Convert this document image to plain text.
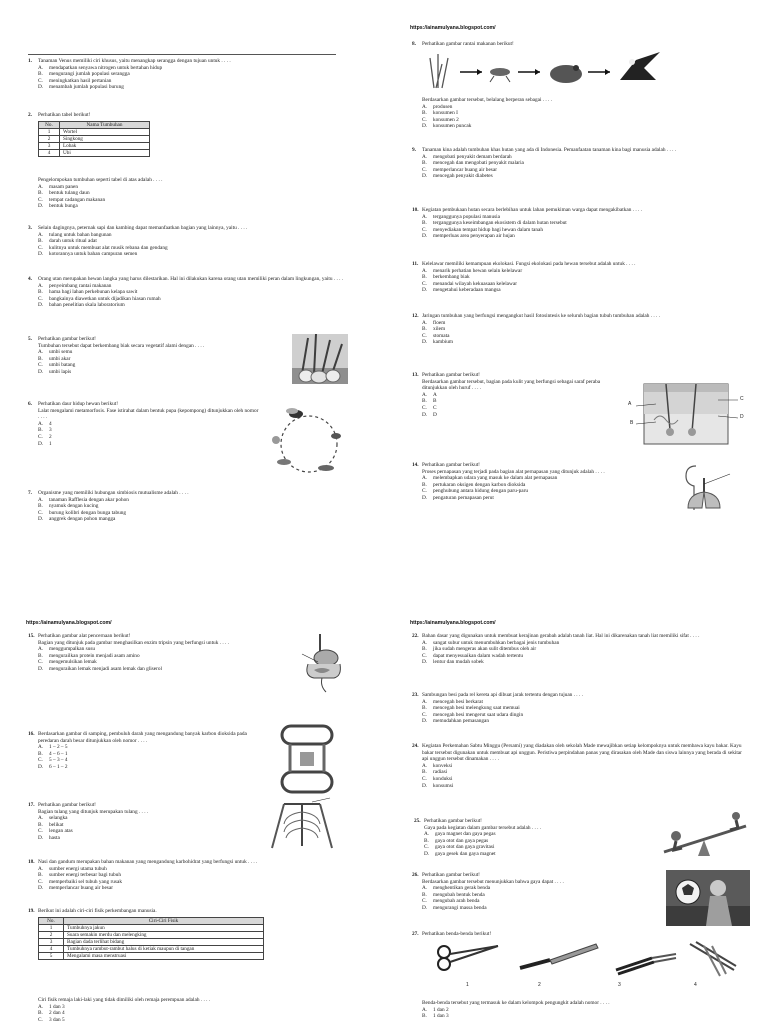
1. Tanaman Venus memiliki ciri khusus, yaitu menangkap serangga dengan tujuan untuk . . . .
A. mendapatkan senyawa nitrogen untuk bertahan hidup
B. mengurangi jumlah populasi serangga
C. meningkatkan hasil pertanian
D. menambah jumlah populasi burung
2. Perhatikan tabel berikut!
No.	Nama Tumbuhan
1	Wortel
2	Singkong
3	Lobak
4	Ubi
Pengelompokan tumbuhan seperti tabel di atas adalah . . . .
A. masam panen
B. bentuk tulang daun
C. tempat cadangan makanan
D. bentuk bunga
3. Selain dagingnya, peternak sapi dan kambing dapat memanfaatkan bagian yang lainnya, yaitu . . . .
A. tulang untuk bahan bangunan
B. darah untuk ritual adat
C. kulitnya untuk membuat alat musik rebana dan gendang
D. kotorannya untuk bahan campuran semen
4.	Orang utan merupakan hewan langka yang harus dilestarikan. Hal ini dilakukan karena orang utan memiliki peran dalam lingkungan, yaitu . . . .
A. penyeimbang rantai makanan
B. hama bagi lahan perkebunan kelapa sawit
C. bangkainya diawetkan untuk dijadikan hiasan rumah
D. bahan penelitian skala laboratorium
5. Perhatikan gambar berikut!
Tumbuhan tersebut dapat berkembang biak secara vegetatif alami dengan . . . .
A. umbi semu
B. umbi akar
C. umbi batang
D. umbi lapis
6. Perhatikan daur hidup hewan berikut!
Lalat mengalami metamorfosis. Fase istirahat dalam bentuk pupa (kepompong) ditunjukkan oleh nomor . . . .
A. 4
B. 3
C. 2
D. 1
7. Organisme yang memiliki hubungan simbiosis mutualisme adalah . . . .
A. tanaman Rafflesia dengan akar pohon
B. nyamuk dengan kucing
C. burung kolibri dengan bunga tabung
D. anggrek dengan pohon mangga
https://ainamulyana.blogspot.com/
8. Perhatikan gambar rantai makanan berikut!
Berdasarkan gambar tersebut, belalang berperan sebagai . . . .
A. produsen
B. konsumen I
C. konsumen 2
D. konsumen puncak
9.	Tanaman kina adalah tumbuhan khas hutan yang ada di Indonesia. Pemanfaatan tanaman kina bagi manusia adalah . . . .
A. mengobati penyakit demam berdarah
B. mencegah dan mengobati penyakit malaria
C. memperlancar buang air besar
D. mencegah penyakit diabetes
10. Kegiatan pembukaan hutan secara berlebihan untuk lahan pemukiman warga dapat mengakibatkan . . . .
A. terganggunya populasi manusia
B. terganggunya keseimbangan ekosistem di dalam hutan tersebut
C. menyediakan tempat hidup bagi hewan dalam tanah
D. memperluas area penyerapan air hujan
11. Kelelawar memiliki kemampuan ekolokasi. Fungsi ekolokasi pada hewan tersebut adalah untuk . . . .
A. menarik perhatian hewan selain kelelawar
B. berkembang biak
C. menandai wilayah kekuasaan kelelawar
D. mengetahui keberadaan mangsa
12. Jaringan tumbuhan yang berfungsi mengangkut hasil fotosintesis ke seluruh bagian tubuh tumbuhan adalah . . . .
A. floem
B. xilem
C. stomata
D. kambium
13. Perhatikan gambar berikut!
Berdasarkan gambar tersebut, bagian pada kulit yang berfungsi sebagai saraf peraba ditunjukkan oleh huruf . . . .
A. A
B. B
C. C
D. D
A
B
C
D
14. Perhatikan gambar berikut!
Proses pernapasan yang terjadi pada bagian alat pernapasan yang ditunjuk adalah . . . .
A. melembapkan udara yang masuk ke dalam alat pernapasan
B. pertukaran oksigen dengan karbon dioksida
C. penghubung antara hidung dengan paru-paru
D. pengaturan pernapasan perut
https://ainamulyana.blogspot.com/
15. Perhatikan gambar alat pencernaan berikut!
Bagian yang ditunjuk pada gambar menghasilkan enzim tripsin yang berfungsi untuk . . . .
A. menggumpalkan susu
B. mengurailkan protein menjadi asam amino
C. mengemulsikan lemak
D. menguraikan lemak menjadi asam lemak dan gliserol
16. Berdasarkan gambar di samping, pembuluh darah yang mengandung banyak karbon dioksida pada peredaran darah besar ditunjukkan oleh nomor . . . .
A. 1 – 2 – 5
B. 4 – 6 – 1
C. 5 – 3 – 4
D. 6 – 1 – 2
17. Perhatikan gambar berikut!
Bagian tulang yang ditunjuk merupakan tulang . . . .
A. selangka
B. belikat
C. lengan atas
D. hasta
18. Nasi dan gandum merupakan bahan makanan yang mengandung karbohidrat yang berfungsi untuk . . . .
A. sumber energi utama tubuh
B. sumber energi terbesar bagi tubuh
C. memperbaiki sel tubuh yang rusak
D. memperlancar buang air besar
19. Berikut ini adalah ciri-ciri fisik perkembangan manusia.
No.	Ciri-Ciri Fisik
1	Tumbuhnya jakun
2	Suara semakin merdu dan melengking
3	Bagian dada terlihat bidang
4	Tumbuhnya rambut-rambut halus di ketiak maupun di tangan
5	Mengalami masa menstruasi
Ciri fisik remaja laki-laki yang tidak dimiliki oleh remaja perempuan adalah . . . .
A. 1 dan 3
B. 2 dan 4
C. 3 dan 5
https://ainamulyana.blogspot.com/
22. Bahan dasar yang digunakan untuk membuat kerajinan gerabah adalah tanah liat. Hal ini dikarenakan tanah liat memiliki sifat . . . .
A. sangat subur untuk menumbuhkan berbagai jenis tumbuhan
B. jika sudah mengeras akan sulit ditembus oleh air
C. dapat menyesuaikan dalam wadah tertentu
D. lentur dan mudah sobek
23. Sambungan besi pada rel kereta api dibuat jarak tertentu dengan tujuan . . . .
A. mencegah besi berkarat
B. mencegah besi melengkung saat memuai
C. mencegah besi mengerut saat udara dingin
D. memudahkan pemasangan
24. Kegiatan Perkemahan Sabtu Minggu (Persami) yang diadakan oleh sekolah Made mewajibkan setiap kelompoknya untuk membawa kayu bakar. Kayu bakar tersebut digunakan untuk membuat api unggun. Peristiwa perpindahan panas yang dirasakan oleh Made dan siswa lainnya yang berada di sekitar api unggun tersebut dinamakan . . . .
A. konveksi
B. radiasi
C. konduksi
D. konsumsi
25. Perhatikan gambar berikut!
Gaya pada kegiatan dalam gambar tersebut adalah . . . .
A. gaya magnet dan gaya pegas
B. gaya otot dan gaya pegas
C. gaya otot dan gaya gravitasi
D. gaya gesek dan gaya magnet
26. Perhatikan gambar berikut!
Berdasarkan gambar tersebut menunjukkan bahwa gaya dapat . . . .
A. menghentikan gerak benda
B. mengubah bentuk benda
C. mengubah arah benda
D. mengurangi massa benda
27. Perhatikan benda-benda berikut!
1	2	3	4
Benda-benda tersebut yang termasuk ke dalam kelompok pengungkit adalah nomor . . . .
A. 1 dan 2
B. 1 dan 3
